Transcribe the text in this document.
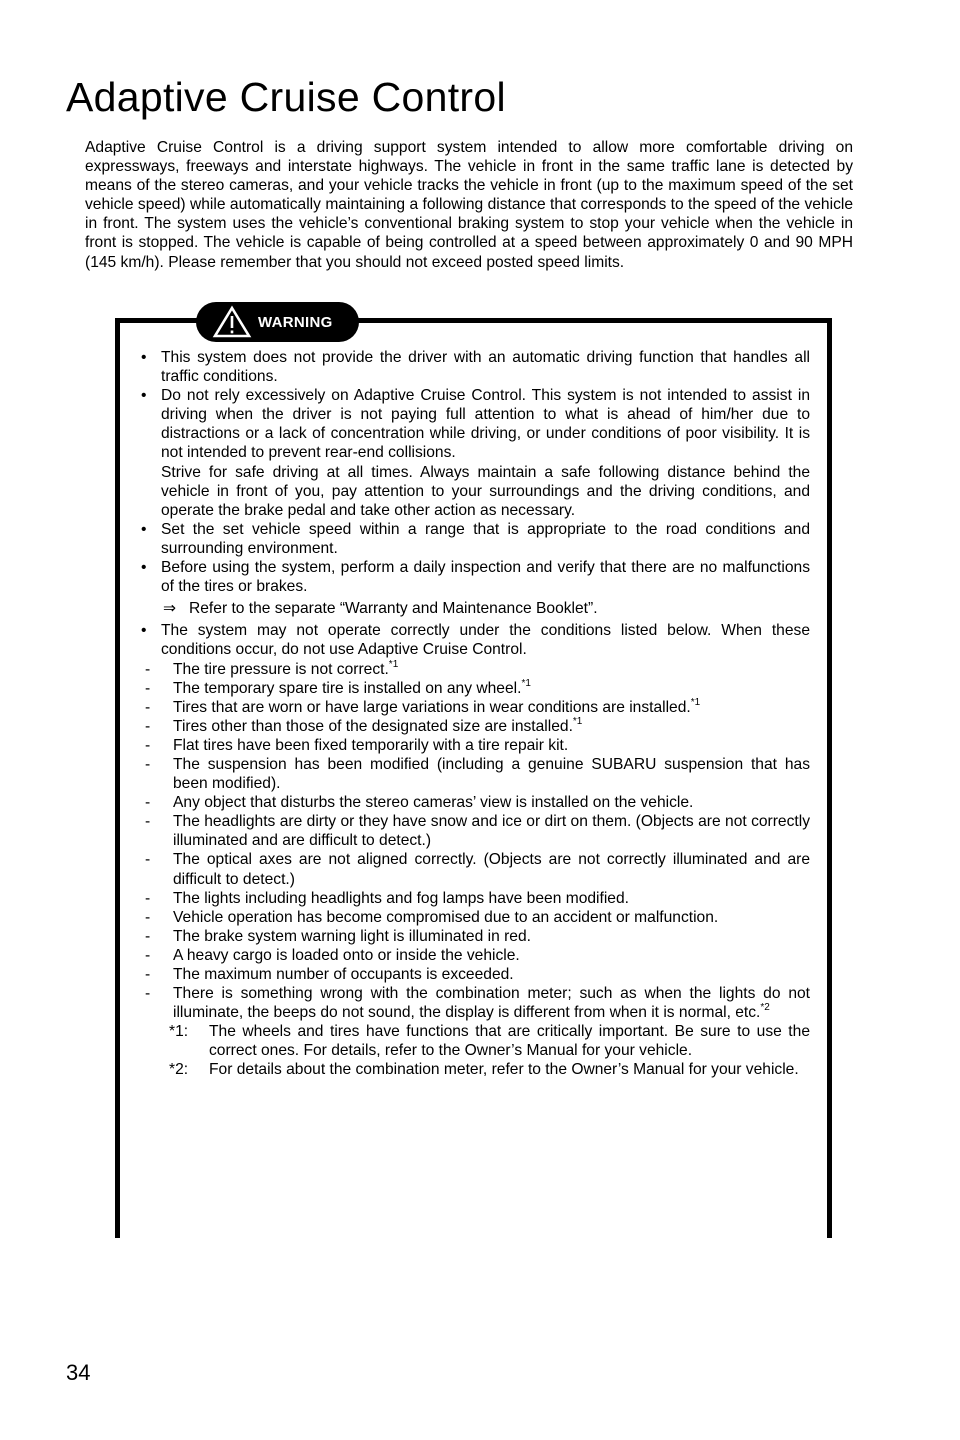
Adaptive Cruise Control

Adaptive Cruise Control is a driving support system intended to allow more comfortable driving on expressways, freeways and interstate highways. The vehicle in front in the same traffic lane is detected by means of the stereo cameras, and your vehicle tracks the vehicle in front (up to the maximum speed of the set vehicle speed) while automatically maintaining a following distance that corresponds to the speed of the vehicle in front. The system uses the vehicle’s conventional braking system to stop your vehicle when the vehicle in front is stopped. The vehicle is capable of being controlled at a speed between approximately 0 and 90 MPH (145 km/h). Please remember that you should not exceed posted speed limits.

WARNING

• This system does not provide the driver with an automatic driving function that handles all traffic conditions.

• Do not rely excessively on Adaptive Cruise Control. This system is not intended to assist in driving when the driver is not paying full attention to what is ahead of him/her due to distractions or a lack of concentration while driving, or under conditions of poor visibility. It is not intended to prevent rear-end collisions.

Strive for safe driving at all times. Always maintain a safe following distance behind the vehicle in front of you, pay attention to your surroundings and the driving conditions, and operate the brake pedal and take other action as necessary.

• Set the set vehicle speed within a range that is appropriate to the road conditions and surrounding environment.

• Before using the system, perform a daily inspection and verify that there are no malfunctions of the tires or brakes.

⇒ Refer to the separate “Warranty and Maintenance Booklet”.

• The system may not operate correctly under the conditions listed below. When these conditions occur, do not use Adaptive Cruise Control.

- The tire pressure is not correct.$^{*1}$

- The temporary spare tire is installed on any wheel.$^{*1}$

- Tires that are worn or have large variations in wear conditions are installed.$^{*1}$

- Tires other than those of the designated size are installed.$^{*1}$

- Flat tires have been fixed temporarily with a tire repair kit.

- The suspension has been modified (including a genuine SUBARU suspension that has been modified).

- Any object that disturbs the stereo cameras’ view is installed on the vehicle.

- The headlights are dirty or they have snow and ice or dirt on them. (Objects are not correctly illuminated and are difficult to detect.)

- The optical axes are not aligned correctly. (Objects are not correctly illuminated and are difficult to detect.)

- The lights including headlights and fog lamps have been modified.

- Vehicle operation has become compromised due to an accident or malfunction.

- The brake system warning light is illuminated in red.

- A heavy cargo is loaded onto or inside the vehicle.

- The maximum number of occupants is exceeded.

- There is something wrong with the combination meter; such as when the lights do not illuminate, the beeps do not sound, the display is different from when it is normal, etc.$^{*2}$

*1: The wheels and tires have functions that are critically important. Be sure to use the correct ones. For details, refer to the Owner’s Manual for your vehicle.

*2: For details about the combination meter, refer to the Owner’s Manual for your vehicle.

34
